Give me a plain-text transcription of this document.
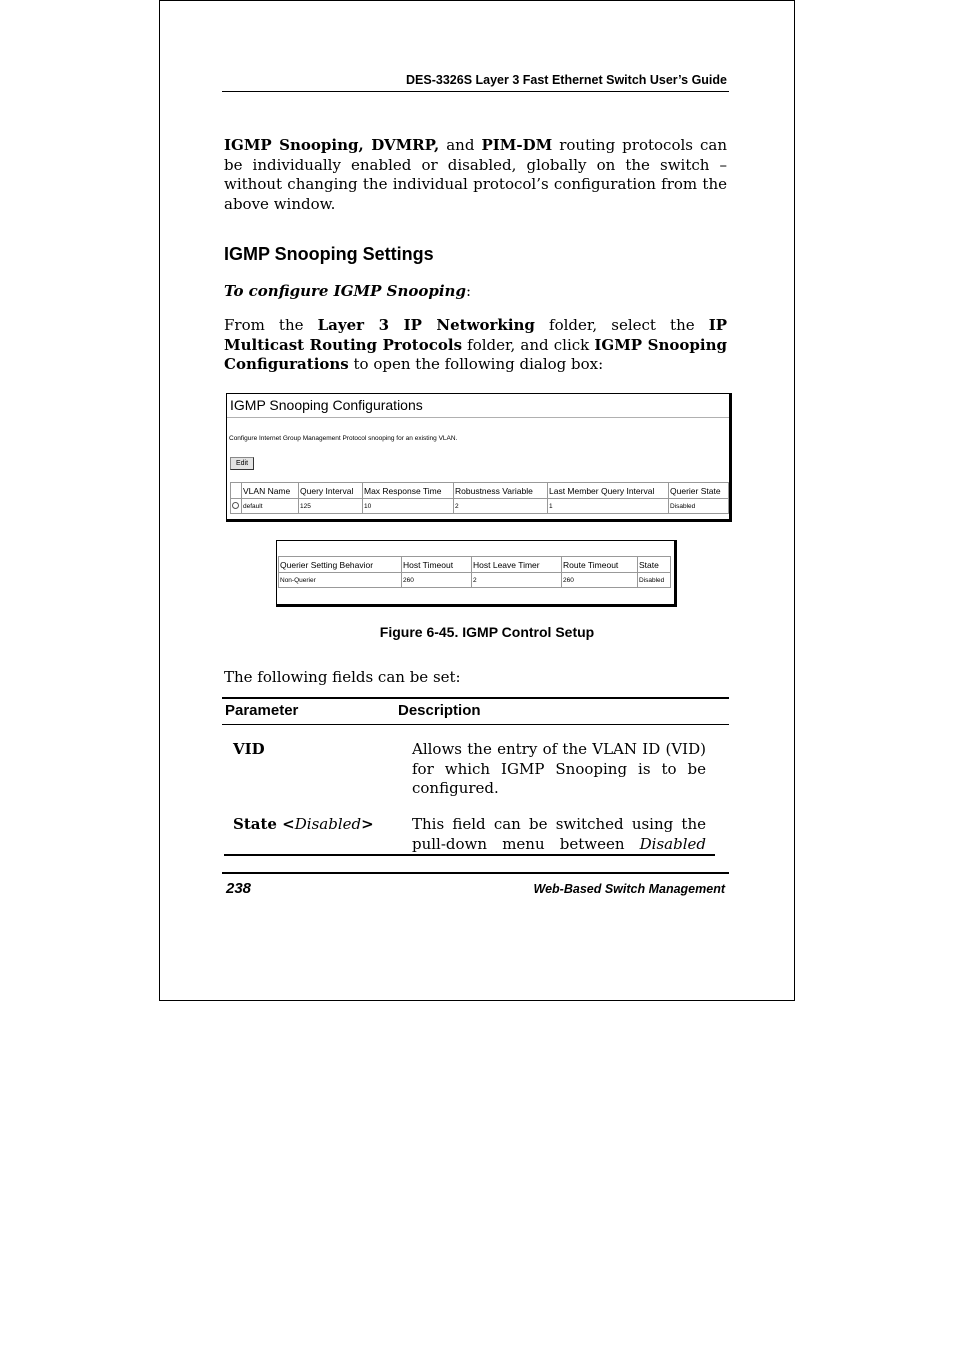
DES-3326S Layer 3 Fast Ethernet Switch User’s Guide

IGMP Snooping, DVMRP, and PIM-DM routing protocols can be individually enabled or disabled, globally on the switch – without changing the individual protocol’s configuration from the above window.

IGMP Snooping Settings

To configure IGMP Snooping:

From the Layer 3 IP Networking folder, select the IP Multicast Routing Protocols folder, and click IGMP Snooping Configurations to open the following dialog box:

IGMP Snooping Configurations
Configure Internet Group Management Protocol snooping for an existing VLAN.
Edit
	VLAN Name	Query Interval	Max Response Time	Robustness Variable	Last Member Query Interval	Querier State
	default	125	10	2	1	Disabled
Querier Setting Behavior	Host Timeout	Host Leave Timer	Route Timeout	State
Non-Querier	260	2	260	Disabled
Figure 6-45. IGMP Control Setup

The following fields can be set:

Parameter	Description
VID	Allows the entry of the VLAN ID (VID) for which IGMP Snooping is to be configured.
State <Disabled>	This field can be switched using the pull-down menu between Disabled
238	Web-Based Switch Management
